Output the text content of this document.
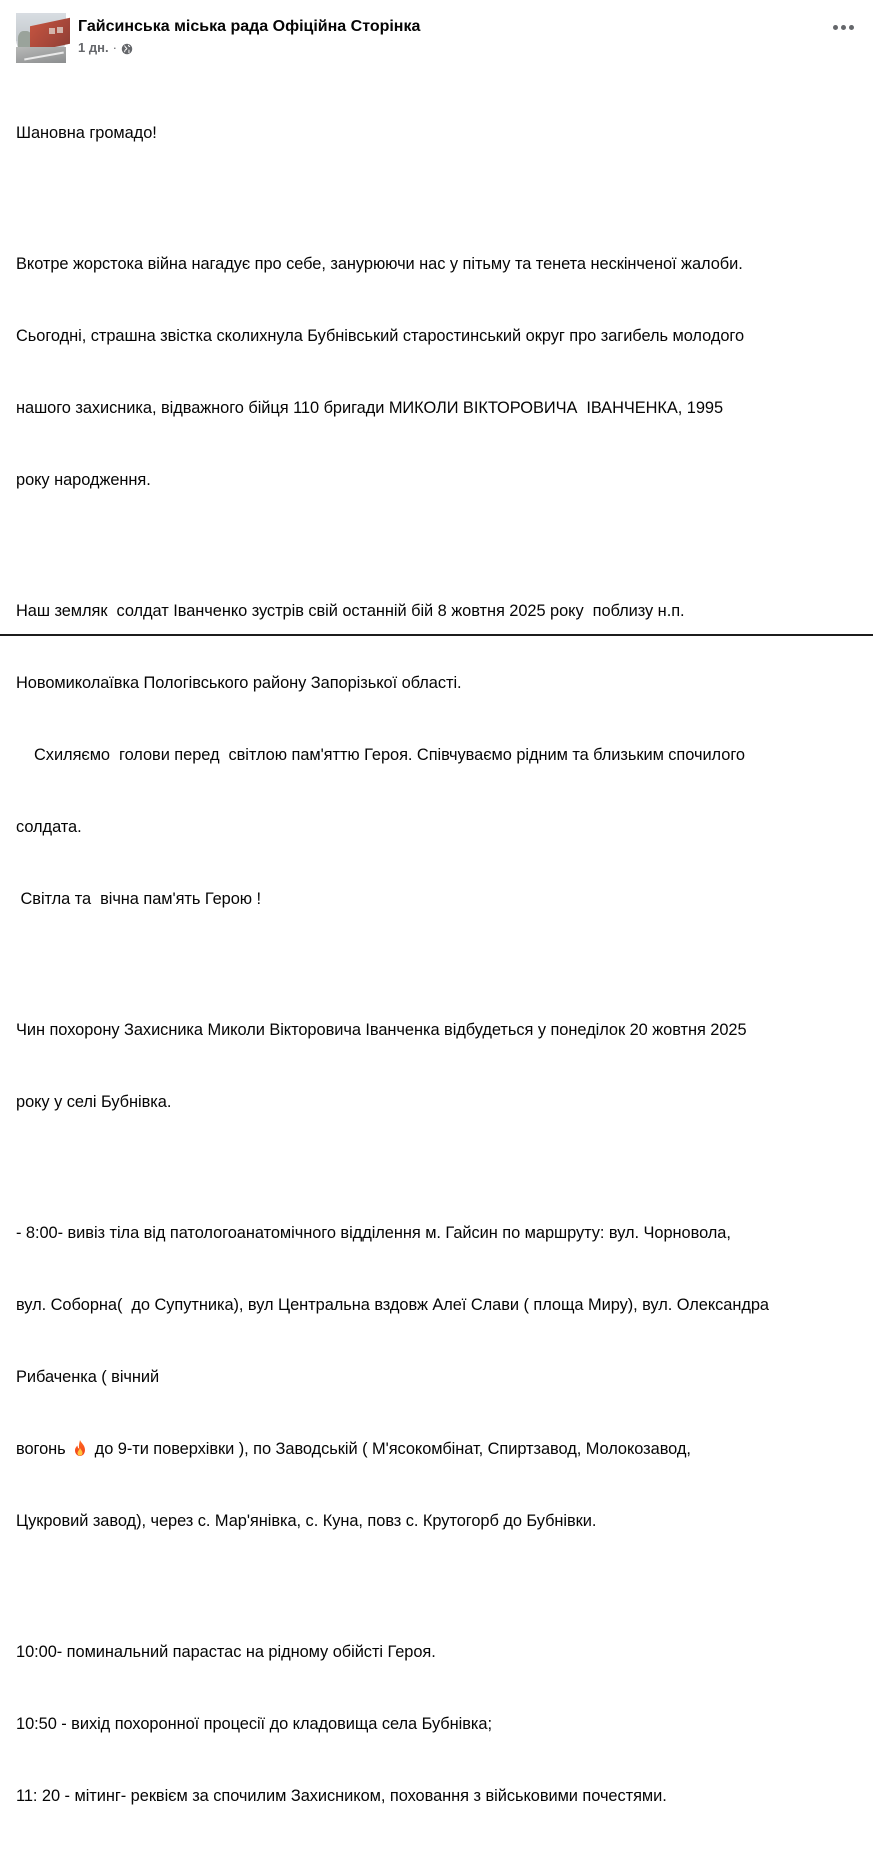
Гайсинська міська рада Офіційна Сторінка
1 дн. ·

Шановна громадо!

Вкотре жорстока війна нагадує про себе, занурюючи нас у пітьму та тенета нескінченої жалоби.

Сьогодні, страшна звістка сколихнула Бубнівський старостинський округ про загибель молодого

нашого захисника, відважного бійця 110 бригади МИКОЛИ ВІКТОРОВИЧА  ІВАНЧЕНКА, 1995

року народження.

Наш земляк  солдат Іванченко зустрів свій останній бій 8 жовтня 2025 року  поблизу н.п.

Новомиколаївка Пологівського району Запорізької області.

Схиляємо  голови перед  світлою пам'яттю Героя. Співчуваємо рідним та близьким спочилого

солдата.

Світла та  вічна пам'ять Герою !

Чин похорону Захисника Миколи Вікторовича Іванченка відбудеться у понеділок 20 жовтня 2025

року у селі Бубнівка.

- 8:00- вивіз тіла від патологоанатомічного відділення м. Гайсин по маршруту: вул. Чорновола,

вул. Соборна(  до Супутника), вул Центральна вздовж Алеї Слави ( площа Миру), вул. Олександра

Рибаченка ( вічний

вогонь  до 9-ти поверхівки ), по Заводській ( М'ясокомбінат, Спиртзавод, Молокозавод,

Цукровий завод), через с. Мар'янівка, с. Куна, повз с. Крутогорб до Бубнівки.

10:00- поминальний парастас на рідному обійсті Героя.

10:50 - вихід похоронної процесії до кладовища села Бубнівка;

11: 20 - мітинг- реквієм за спочилим Захисником, поховання з військовими почестями.
